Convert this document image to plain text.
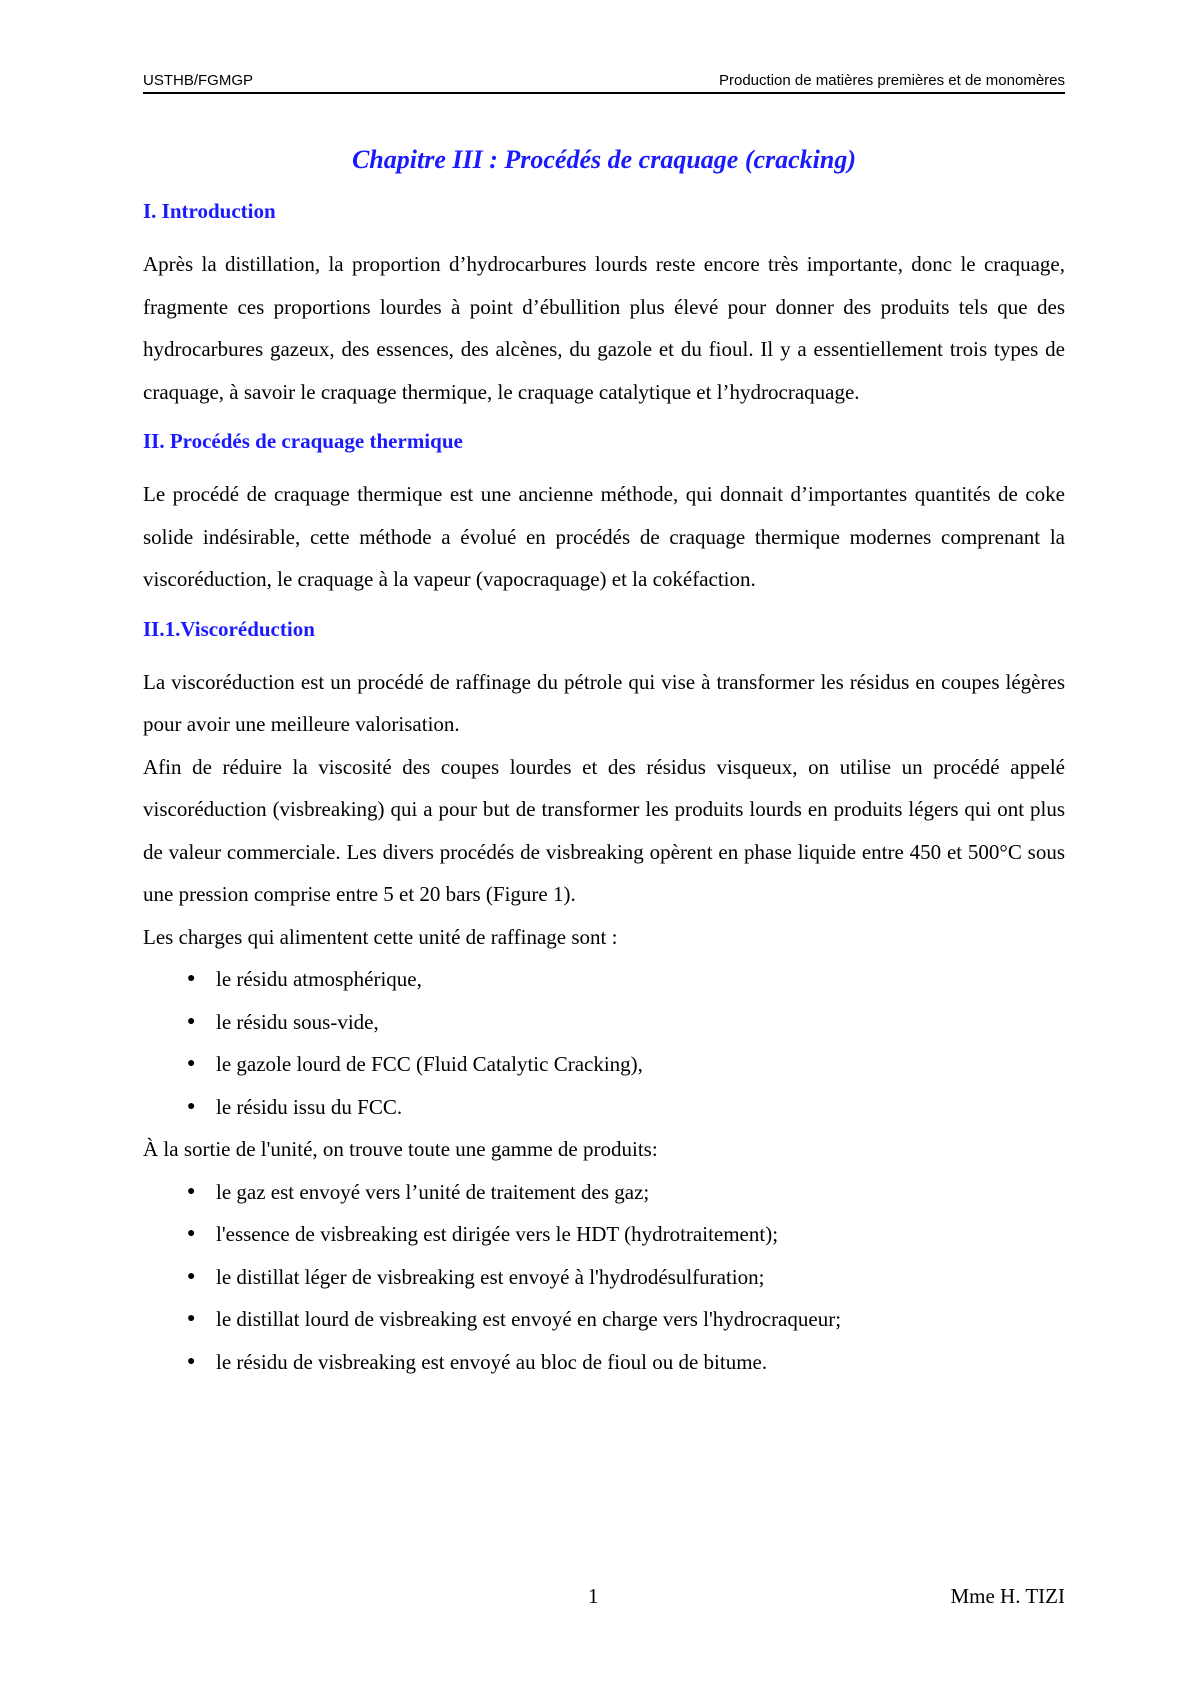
USTHB/FGMGP	Production de matières premières et de monomères
Chapitre III : Procédés de craquage (cracking)
I. Introduction

Après la distillation, la proportion d’hydrocarbures lourds reste encore très importante, donc le craquage, fragmente ces proportions lourdes à point d’ébullition plus élevé pour donner des produits tels que des hydrocarbures gazeux, des essences, des alcènes, du gazole et du fioul. Il y a essentiellement trois types de craquage, à savoir le craquage thermique, le craquage catalytique et l’hydrocraquage.

II. Procédés de craquage thermique

Le procédé de craquage thermique est une ancienne méthode, qui donnait d’importantes quantités de coke solide indésirable, cette méthode a évolué en procédés de craquage thermique modernes comprenant la viscoréduction, le craquage à la vapeur (vapocraquage) et la cokéfaction.

II.1.Viscoréduction

La viscoréduction est un procédé de raffinage du pétrole qui vise à transformer les résidus en coupes légères pour avoir une meilleure valorisation.

Afin de réduire la viscosité des coupes lourdes et des résidus visqueux, on utilise un procédé appelé viscoréduction (visbreaking) qui a pour but de transformer les produits lourds en produits légers qui ont plus de valeur commerciale. Les divers procédés de visbreaking opèrent en phase liquide entre 450 et 500°C sous une pression comprise entre 5 et 20 bars (Figure 1).

Les charges qui alimentent cette unité de raffinage sont :

● le résidu atmosphérique,
● le résidu sous-vide,
● le gazole lourd de FCC (Fluid Catalytic Cracking),
● le résidu issu du FCC.

À la sortie de l'unité, on trouve toute une gamme de produits:

● le gaz est envoyé vers l’unité de traitement des gaz;
● l'essence de visbreaking est dirigée vers le HDT (hydrotraitement);
● le distillat léger de visbreaking est envoyé à l'hydrodésulfuration;
● le distillat lourd de visbreaking est envoyé en charge vers l'hydrocraqueur;
● le résidu de visbreaking est envoyé au bloc de fioul ou de bitume.
1	Mme H. TIZI
